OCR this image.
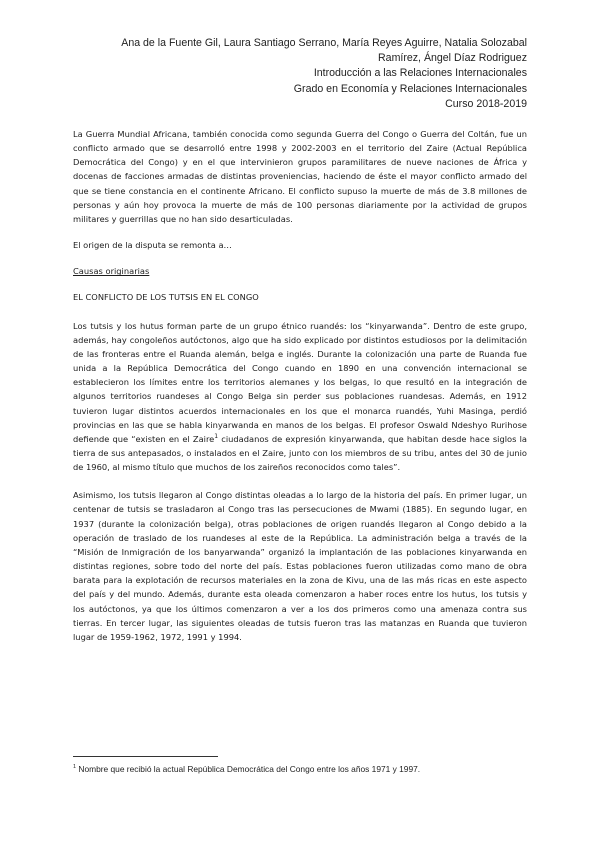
Ana de la Fuente Gil, Laura Santiago Serrano, María Reyes Aguirre, Natalia Solozabal
Ramírez, Ángel Díaz Rodriguez
Introducción a las Relaciones Internacionales
Grado en Economía y Relaciones Internacionales
Curso 2018-2019

La Guerra Mundial Africana, también conocida como segunda Guerra del Congo o Guerra del Coltán, fue un conflicto armado que se desarrolló entre 1998 y 2002-2003 en el territorio del Zaire (Actual República Democrática del Congo) y en el que intervinieron grupos paramilitares de nueve naciones de África y docenas de facciones armadas de distintas proveniencias, haciendo de éste el mayor conflicto armado del que se tiene constancia en el continente Africano. El conflicto supuso la muerte de más de 3.8 millones de personas y aún hoy provoca la muerte de más de 100 personas diariamente por la actividad de grupos militares y guerrillas que no han sido desarticuladas.

El origen de la disputa se remonta a…

Causas originarias

EL CONFLICTO DE LOS TUTSIS EN EL CONGO

Los tutsis y los hutus forman parte de un grupo étnico ruandés: los “kinyarwanda”. Dentro de este grupo, además, hay congoleños autóctonos, algo que ha sido explicado por distintos estudiosos por la delimitación de las fronteras entre el Ruanda alemán, belga e inglés. Durante la colonización una parte de Ruanda fue unida a la República Democrática del Congo cuando en 1890 en una convención internacional se establecieron los límites entre los territorios alemanes y los belgas, lo que resultó en la integración de algunos territorios ruandeses al Congo Belga sin perder sus poblaciones ruandesas. Además, en 1912 tuvieron lugar distintos acuerdos internacionales en los que el monarca ruandés, Yuhi Masinga, perdió provincias en las que se habla kinyarwanda en manos de los belgas. El profesor Oswald Ndeshyo Rurihose defiende que “existen en el Zaire$^1$ ciudadanos de expresión kinyarwanda, que habitan desde hace siglos la tierra de sus antepasados, o instalados en el Zaire, junto con los miembros de su tribu, antes del 30 de junio de 1960, al mismo título que muchos de los zaireños reconocidos como tales”.

Asimismo, los tutsis llegaron al Congo distintas oleadas a lo largo de la historia del país. En primer lugar, un centenar de tutsis se trasladaron al Congo tras las persecuciones de Mwami (1885). En segundo lugar, en 1937 (durante la colonización belga), otras poblaciones de origen ruandés llegaron al Congo debido a la operación de traslado de los ruandeses al este de la República. La administración belga a través de la “Misión de Inmigración de los banyarwanda” organizó la implantación de las poblaciones kinyarwanda en distintas regiones, sobre todo del norte del país. Estas poblaciones fueron utilizadas como mano de obra barata para la explotación de recursos materiales en la zona de Kivu, una de las más ricas en este aspecto del país y del mundo. Además, durante esta oleada comenzaron a haber roces entre los hutus, los tutsis y los autóctonos, ya que los últimos comenzaron a ver a los dos primeros como una amenaza contra sus tierras. En tercer lugar, las siguientes oleadas de tutsis fueron tras las matanzas en Ruanda que tuvieron lugar de 1959-1962, 1972, 1991 y 1994.

$^1$ Nombre que recibió la actual República Democrática del Congo entre los años 1971 y 1997.
